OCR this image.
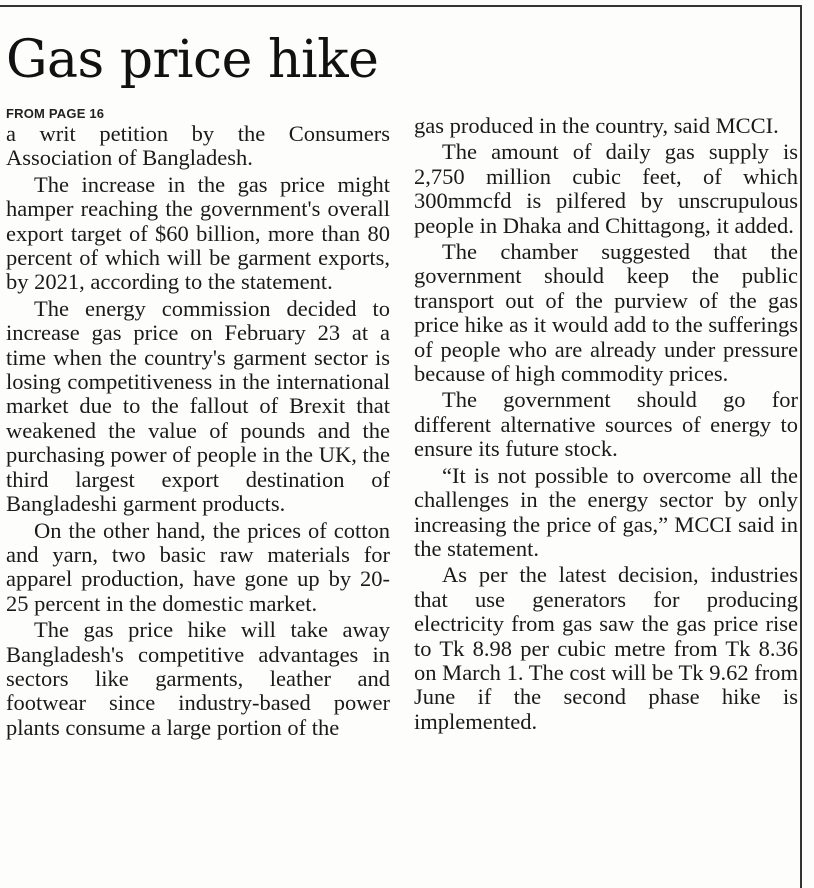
Gas price hike
FROM PAGE 16

a writ petition by the Consumers Association of Bangladesh.

The increase in the gas price might hamper reaching the government's overall export target of $60 billion, more than 80 percent of which will be garment exports, by 2021, according to the statement.

The energy commission decided to increase gas price on February 23 at a time when the country's garment sector is losing competitiveness in the international market due to the fallout of Brexit that weakened the value of pounds and the purchasing power of people in the UK, the third largest export destination of Bangladeshi garment products.

On the other hand, the prices of cotton and yarn, two basic raw materials for apparel production, have gone up by 20-25 percent in the domestic market.

The gas price hike will take away Bangladesh's competitive advantages in sectors like garments, leather and footwear since industry-based power plants consume a large portion of the

gas produced in the country, said MCCI.

The amount of daily gas supply is 2,750 million cubic feet, of which 300mmcfd is pilfered by unscrupulous people in Dhaka and Chittagong, it added.

The chamber suggested that the government should keep the public transport out of the purview of the gas price hike as it would add to the sufferings of people who are already under pressure because of high commodity prices.

The government should go for different alternative sources of energy to ensure its future stock.

“It is not possible to overcome all the challenges in the energy sector by only increasing the price of gas,” MCCI said in the statement.

As per the latest decision, industries that use generators for producing electricity from gas saw the gas price rise to Tk 8.98 per cubic metre from Tk 8.36 on March 1. The cost will be Tk 9.62 from June if the second phase hike is implemented.
